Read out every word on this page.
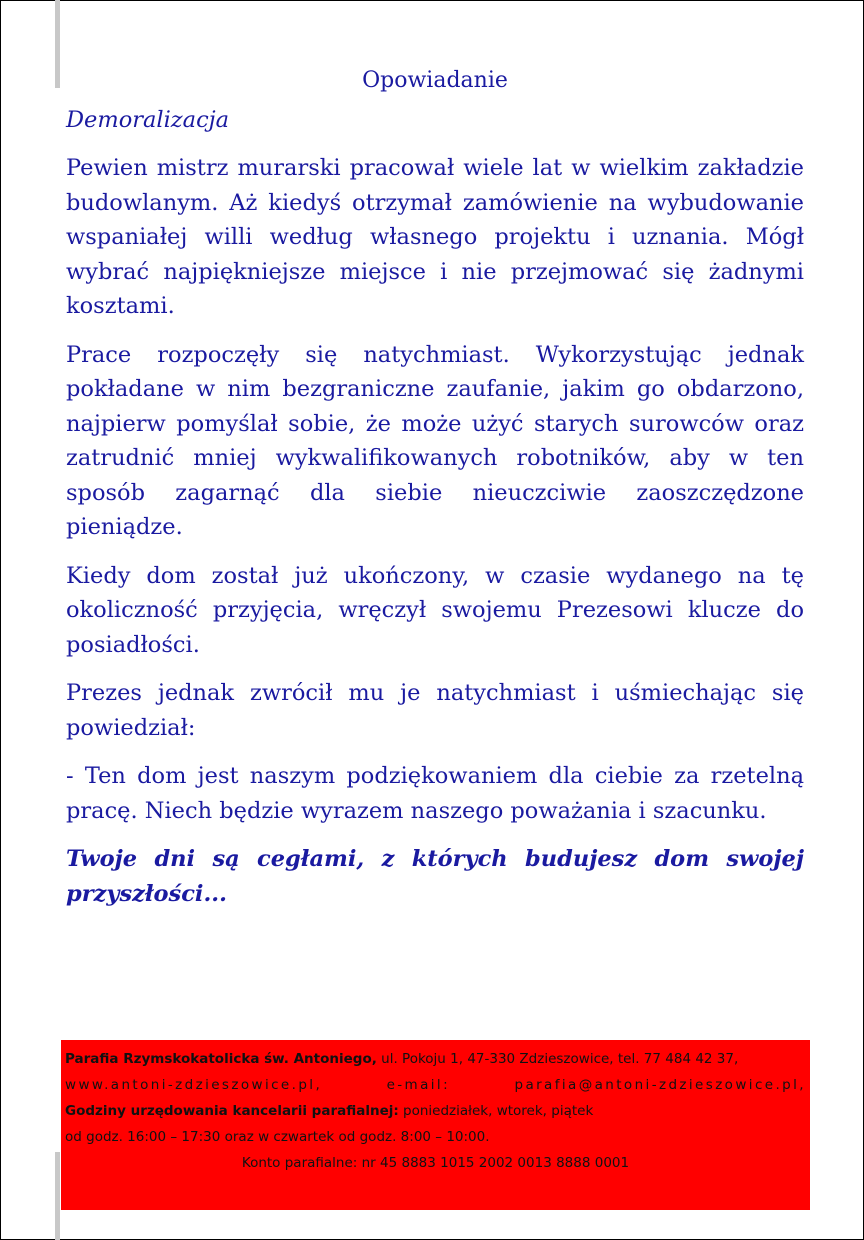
Opowiadanie
Demoralizacja

Pewien mistrz murarski pracował wiele lat w wielkim zakładzie budowlanym. Aż kiedyś otrzymał zamówienie na wybudowanie wspaniałej willi według własnego projektu i uznania. Mógł wybrać najpiękniejsze miejsce i nie przejmować się żadnymi kosztami.

Prace rozpoczęły się natychmiast. Wykorzystując jednak pokładane w nim bezgraniczne zaufanie, jakim go obdarzono, najpierw pomyślał sobie, że może użyć starych surowców oraz zatrudnić mniej wykwalifikowanych robotników, aby w ten sposób zagarnąć dla siebie nieuczciwie zaoszczędzone pieniądze.

Kiedy dom został już ukończony, w czasie wydanego na tę okoliczność przyjęcia, wręczył swojemu Prezesowi klucze do posiadłości.

Prezes jednak zwrócił mu je natychmiast i uśmiechając się powiedział:

- Ten dom jest naszym podziękowaniem dla ciebie za rzetelną pracę. Niech będzie wyrazem naszego poważania i szacunku.

Twoje dni są cegłami, z których budujesz dom swojej przyszłości...

Parafia Rzymskokatolicka św. Antoniego, ul. Pokoju 1, 47-330 Zdzieszowice, tel. 77 484 42 37,
www.antoni-zdzieszowice.pl,	e-mail:	parafia@antoni-zdzieszowice.pl,
Godziny urzędowania kancelarii parafialnej: poniedziałek, wtorek, piątek
od godz. 16:00 – 17:30 oraz w czwartek od godz. 8:00 – 10:00.
Konto parafialne: nr 45 8883 1015 2002 0013 8888 0001
